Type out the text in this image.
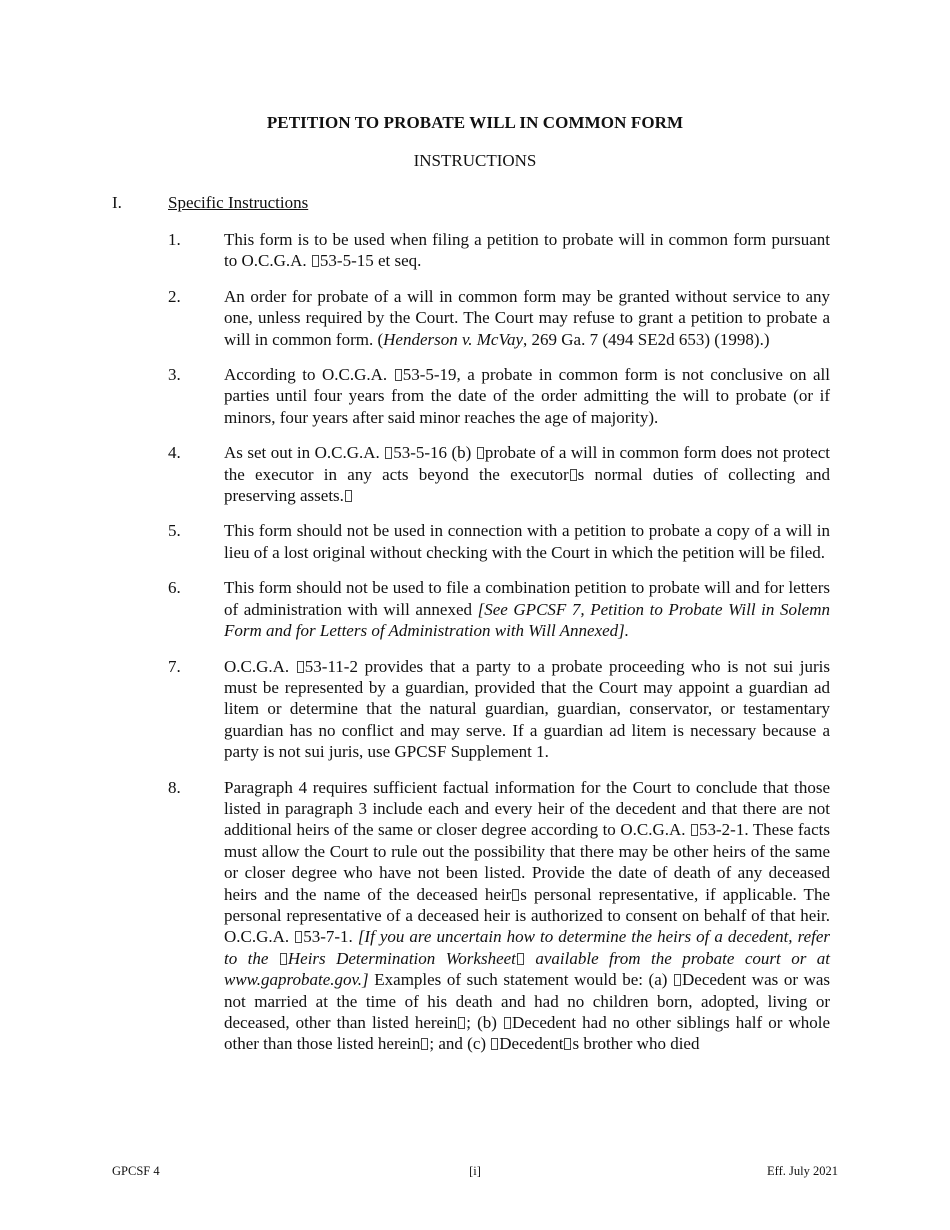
PETITION TO PROBATE WILL IN COMMON FORM
INSTRUCTIONS
I.	Specific Instructions
1.	This form is to be used when filing a petition to probate will in common form pursuant to O.C.G.A. 53-5-15 et seq.
2.	An order for probate of a will in common form may be granted without service to any one, unless required by the Court. The Court may refuse to grant a petition to probate a will in common form. (Henderson v. McVay, 269 Ga. 7 (494 SE2d 653) (1998).)
3.	According to O.C.G.A. 53-5-19, a probate in common form is not conclusive on all parties until four years from the date of the order admitting the will to probate (or if minors, four years after said minor reaches the age of majority).
4.	As set out in O.C.G.A. 53-5-16 (b) probate of a will in common form does not protect the executor in any acts beyond the executor s normal duties of collecting and preserving assets.
5.	This form should not be used in connection with a petition to probate a copy of a will in lieu of a lost original without checking with the Court in which the petition will be filed.
6.	This form should not be used to file a combination petition to probate will and for letters of administration with will annexed [See GPCSF 7, Petition to Probate Will in Solemn Form and for Letters of Administration with Will Annexed].
7.	O.C.G.A. 53-11-2 provides that a party to a probate proceeding who is not sui juris must be represented by a guardian, provided that the Court may appoint a guardian ad litem or determine that the natural guardian, guardian, conservator, or testamentary guardian has no conflict and may serve. If a guardian ad litem is necessary because a party is not sui juris, use GPCSF Supplement 1.
8.	Paragraph 4 requires sufficient factual information for the Court to conclude that those listed in paragraph 3 include each and every heir of the decedent and that there are not additional heirs of the same or closer degree according to O.C.G.A. 53-2-1. These facts must allow the Court to rule out the possibility that there may be other heirs of the same or closer degree who have not been listed. Provide the date of death of any deceased heirs and the name of the deceased heir s personal representative, if applicable. The personal representative of a deceased heir is authorized to consent on behalf of that heir. O.C.G.A. 53-7-1. [If you are uncertain how to determine the heirs of a decedent, refer to the Heirs Determination Worksheet available from the probate court or at www.gaprobate.gov.] Examples of such statement would be: (a) Decedent was or was not married at the time of his death and had no children born, adopted, living or deceased, other than listed herein ; (b) Decedent had no other siblings half or whole other than those listed herein ; and (c) Decedent s brother who died
GPCSF 4	[i]	Eff. July 2021
